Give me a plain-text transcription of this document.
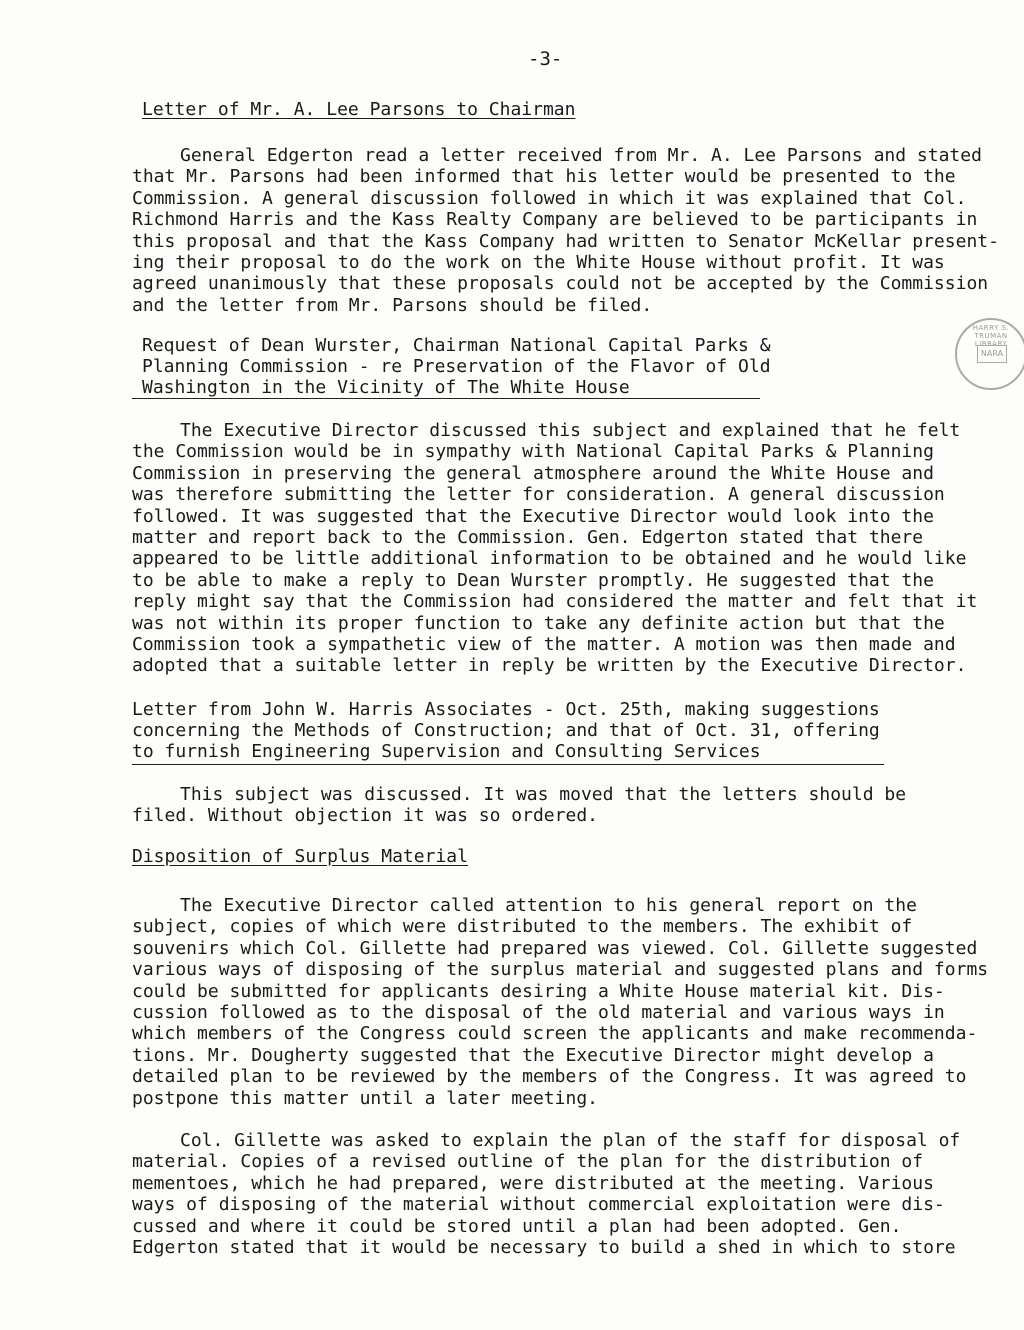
-3-
Letter of Mr. A. Lee Parsons to Chairman

General Edgerton read a letter received from Mr. A. Lee Parsons and stated
that Mr. Parsons had been informed that his letter would be presented to the
Commission. A general discussion followed in which it was explained that Col.
Richmond Harris and the Kass Realty Company are believed to be participants in
this proposal and that the Kass Company had written to Senator McKellar present-
ing their proposal to do the work on the White House without profit. It was
agreed unanimously that these proposals could not be accepted by the Commission
and the letter from Mr. Parsons should be filed.

Request of Dean Wurster, Chairman National Capital Parks &
Planning Commission - re Preservation of the Flavor of Old
Washington in the Vicinity of The White House

The Executive Director discussed this subject and explained that he felt
the Commission would be in sympathy with National Capital Parks & Planning
Commission in preserving the general atmosphere around the White House and
was therefore submitting the letter for consideration. A general discussion
followed. It was suggested that the Executive Director would look into the
matter and report back to the Commission. Gen. Edgerton stated that there
appeared to be little additional information to be obtained and he would like
to be able to make a reply to Dean Wurster promptly. He suggested that the
reply might say that the Commission had considered the matter and felt that it
was not within its proper function to take any definite action but that the
Commission took a sympathetic view of the matter. A motion was then made and
adopted that a suitable letter in reply be written by the Executive Director.

Letter from John W. Harris Associates - Oct. 25th, making suggestions
concerning the Methods of Construction; and that of Oct. 31, offering
to furnish Engineering Supervision and Consulting Services

This subject was discussed. It was moved that the letters should be
filed. Without objection it was so ordered.

Disposition of Surplus Material

The Executive Director called attention to his general report on the
subject, copies of which were distributed to the members. The exhibit of
souvenirs which Col. Gillette had prepared was viewed. Col. Gillette suggested
various ways of disposing of the surplus material and suggested plans and forms
could be submitted for applicants desiring a White House material kit. Dis-
cussion followed as to the disposal of the old material and various ways in
which members of the Congress could screen the applicants and make recommenda-
tions. Mr. Dougherty suggested that the Executive Director might develop a
detailed plan to be reviewed by the members of the Congress. It was agreed to
postpone this matter until a later meeting.

Col. Gillette was asked to explain the plan of the staff for disposal of
material. Copies of a revised outline of the plan for the distribution of
mementoes, which he had prepared, were distributed at the meeting. Various
ways of disposing of the material without commercial exploitation were dis-
cussed and where it could be stored until a plan had been adopted. Gen.
Edgerton stated that it would be necessary to build a shed in which to store

HARRY S. TRUMAN LIBRARY
NARA
